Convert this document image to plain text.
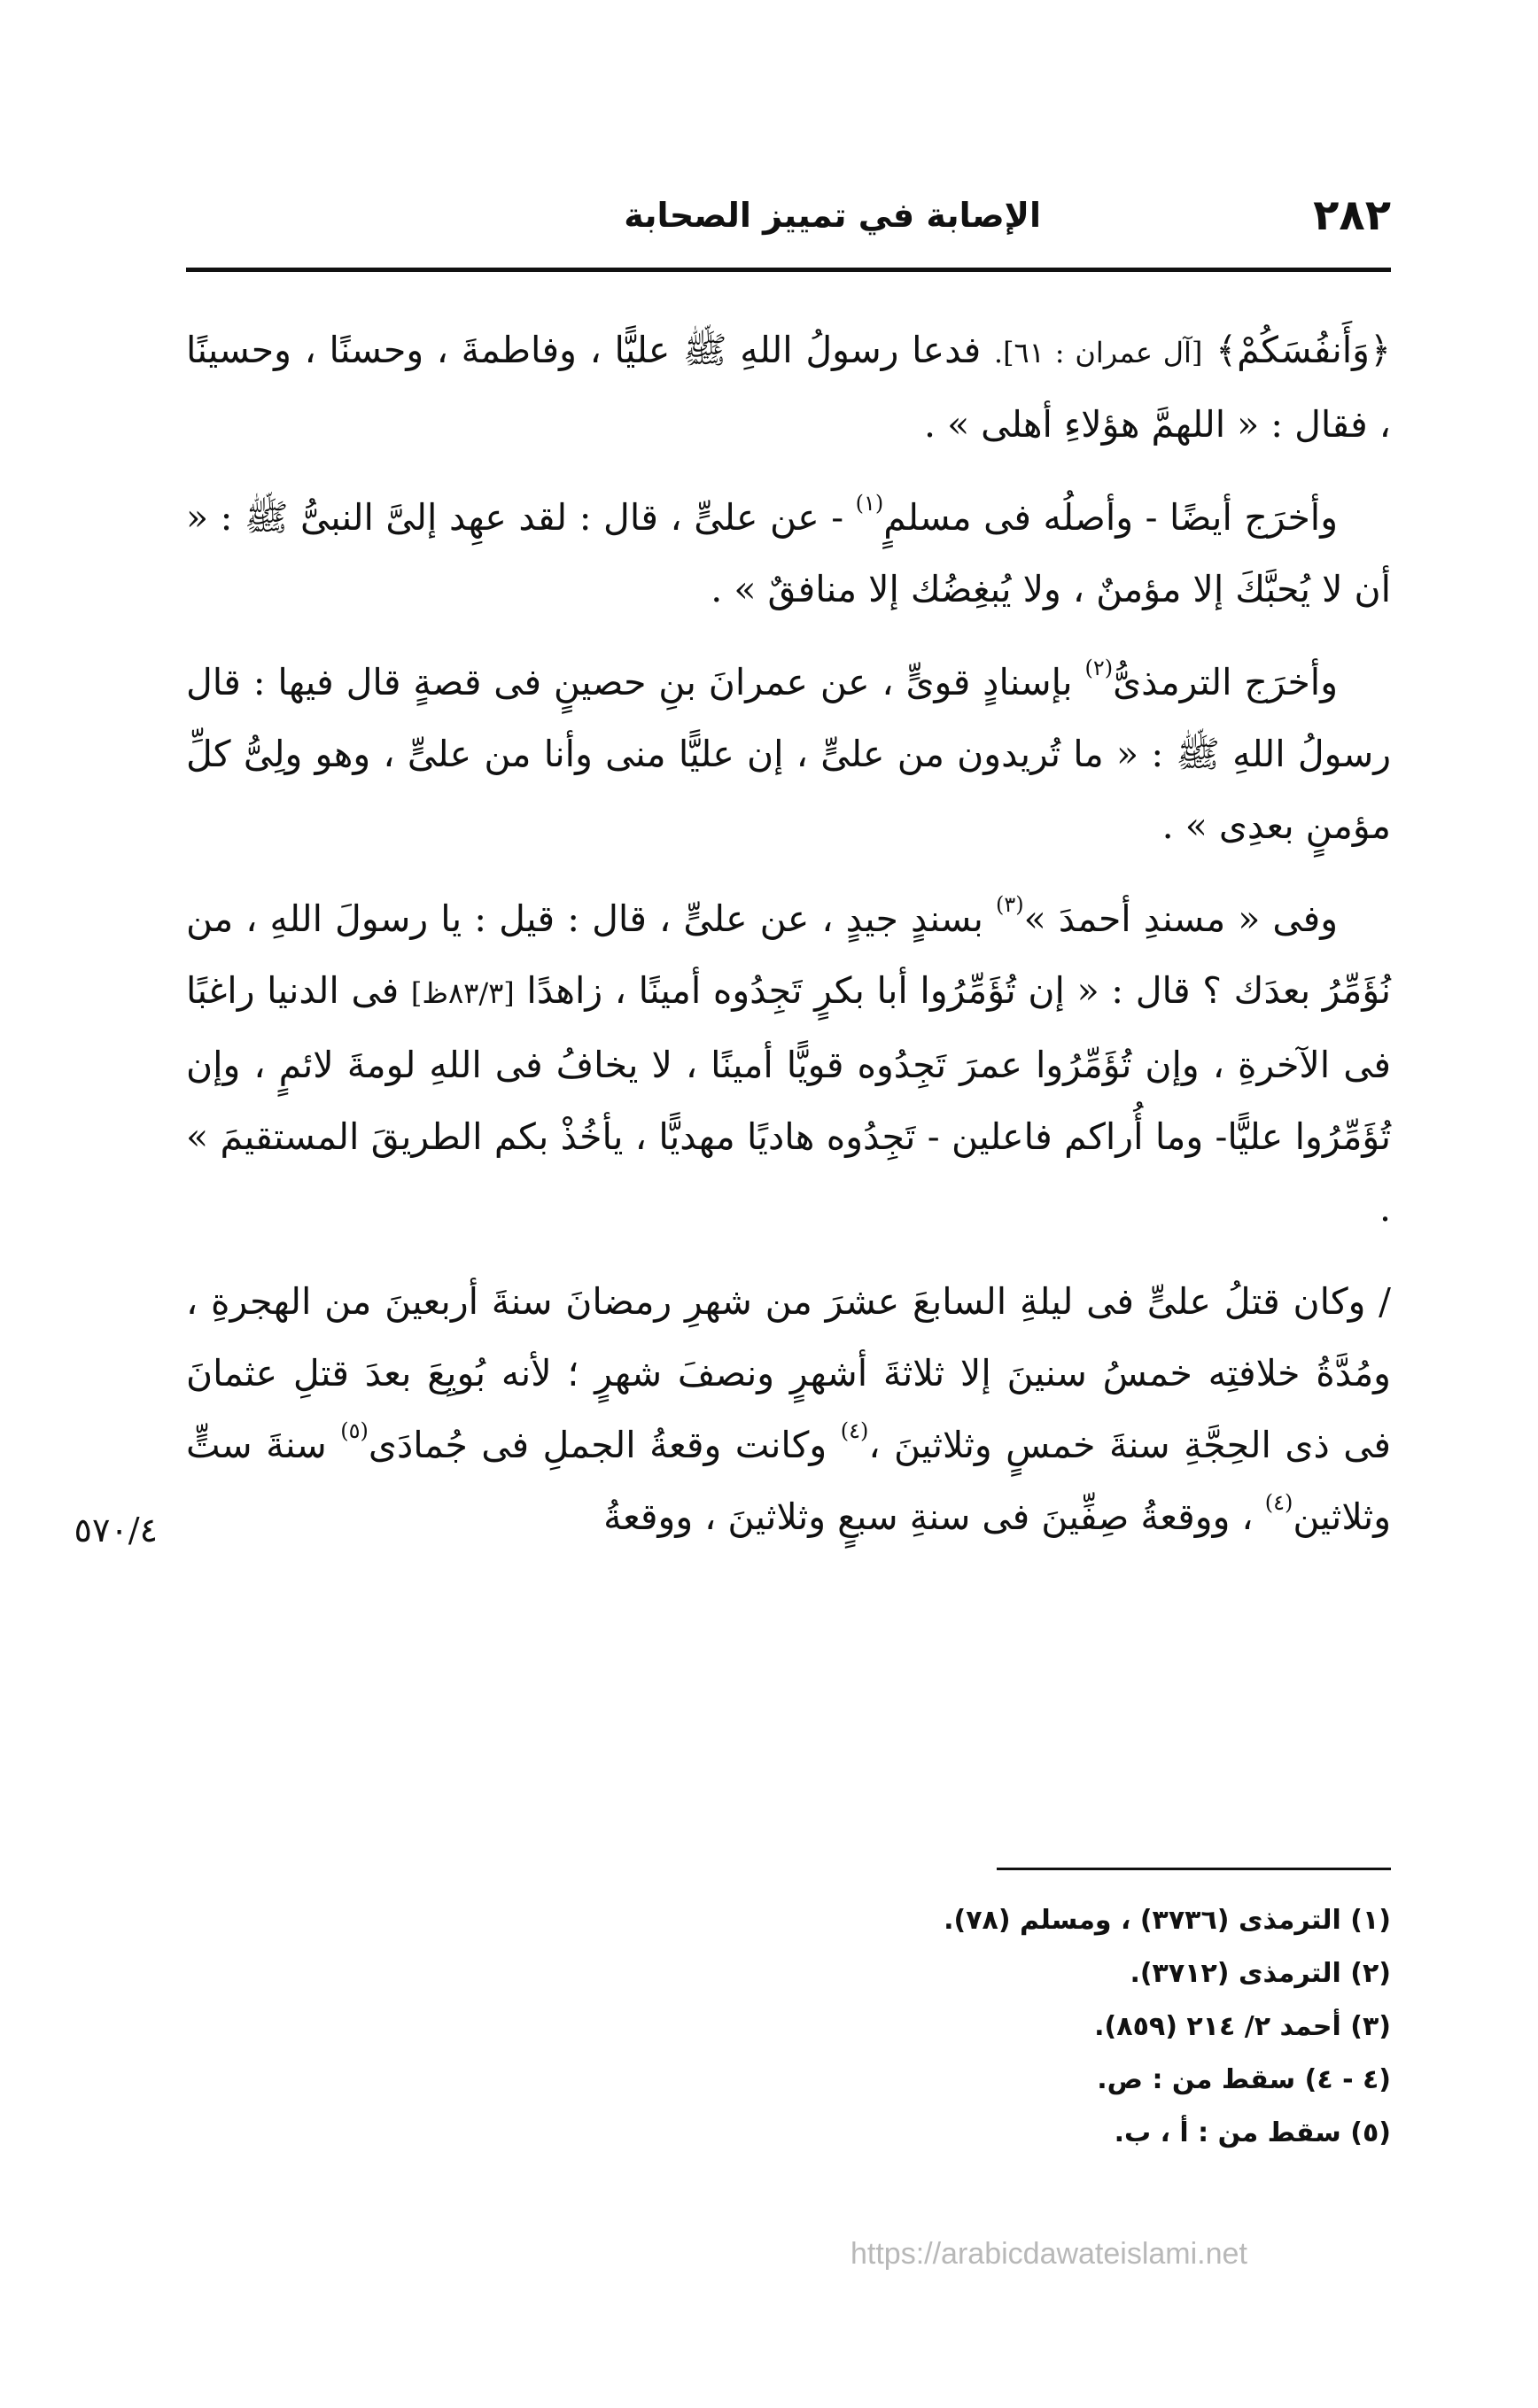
٢٨٢
الإصابة في تمييز الصحابة

﴿وَأَنفُسَكُمْ﴾ [آل عمران : ٦١]. فدعا رسولُ اللهِ ﷺ عليًّا ، وفاطمةَ ، وحسنًا ، وحسينًا ، فقال : « اللهمَّ هؤلاءِ أهلى » .

وأخرَج أيضًا - وأصلُه فى مسلمٍ$^{(١)}$ - عن علىٍّ ، قال : لقد عهِد إلىَّ النبىُّ ﷺ : « أن لا يُحبَّكَ إلا مؤمنٌ ، ولا يُبغِضُك إلا منافقٌ » .

وأخرَج الترمذىُّ$^{(٢)}$ بإسنادٍ قوىٍّ ، عن عمرانَ بنِ حصينٍ فى قصةٍ قال فيها : قال رسولُ اللهِ ﷺ : « ما تُريدون من علىٍّ ، إن عليًّا منى وأنا من علىٍّ ، وهو ولِىُّ كلِّ مؤمنٍ بعدِى » .

وفى « مسندِ أحمدَ »$^{(٣)}$ بسندٍ جيدٍ ، عن علىٍّ ، قال : قيل : يا رسولَ اللهِ ، من نُؤَمِّرُ بعدَك ؟ قال : « إن تُؤَمِّرُوا أبا بكرٍ تَجِدُوه أمينًا ، زاهدًا [٨٣/٣ظ] فى الدنيا راغبًا فى الآخرةِ ، وإن تُؤَمِّرُوا عمرَ تَجِدُوه قويًّا أمينًا ، لا يخافُ فى اللهِ لومةَ لائمٍ ، وإن تُؤَمِّرُوا عليًّا- وما أُراكم فاعلين - تَجِدُوه هاديًا مهديًّا ، يأخُذْ بكم الطريقَ المستقيمَ » .

/ وكان قتلُ علىٍّ فى ليلةِ السابعَ عشرَ من شهرِ رمضانَ سنةَ أربعينَ من الهجرةِ ، ومُدَّةُ خلافتِه خمسُ سنينَ إلا ثلاثةَ أشهرٍ ونصفَ شهرٍ ؛ لأنه بُويِعَ بعدَ قتلِ عثمانَ فى ذى الحِجَّةِ سنةَ خمسٍ وثلاثينَ ،$^{(٤)}$ وكانت وقعةُ الجملِ فى جُمادَى$^{(٥)}$ سنةَ ستٍّ وثلاثين$^{(٤)}$ ، ووقعةُ صِفِّينَ فى سنةِ سبعٍ وثلاثينَ ، ووقعةُ

٥٧٠/٤
(١) الترمذى (٣٧٣٦) ، ومسلم (٧٨).
(٢) الترمذى (٣٧١٢).
(٣) أحمد ٢/ ٢١٤ (٨٥٩).
(٤ - ٤) سقط من : ص.
(٥) سقط من : أ ، ب.
https://arabicdawateislami.net
